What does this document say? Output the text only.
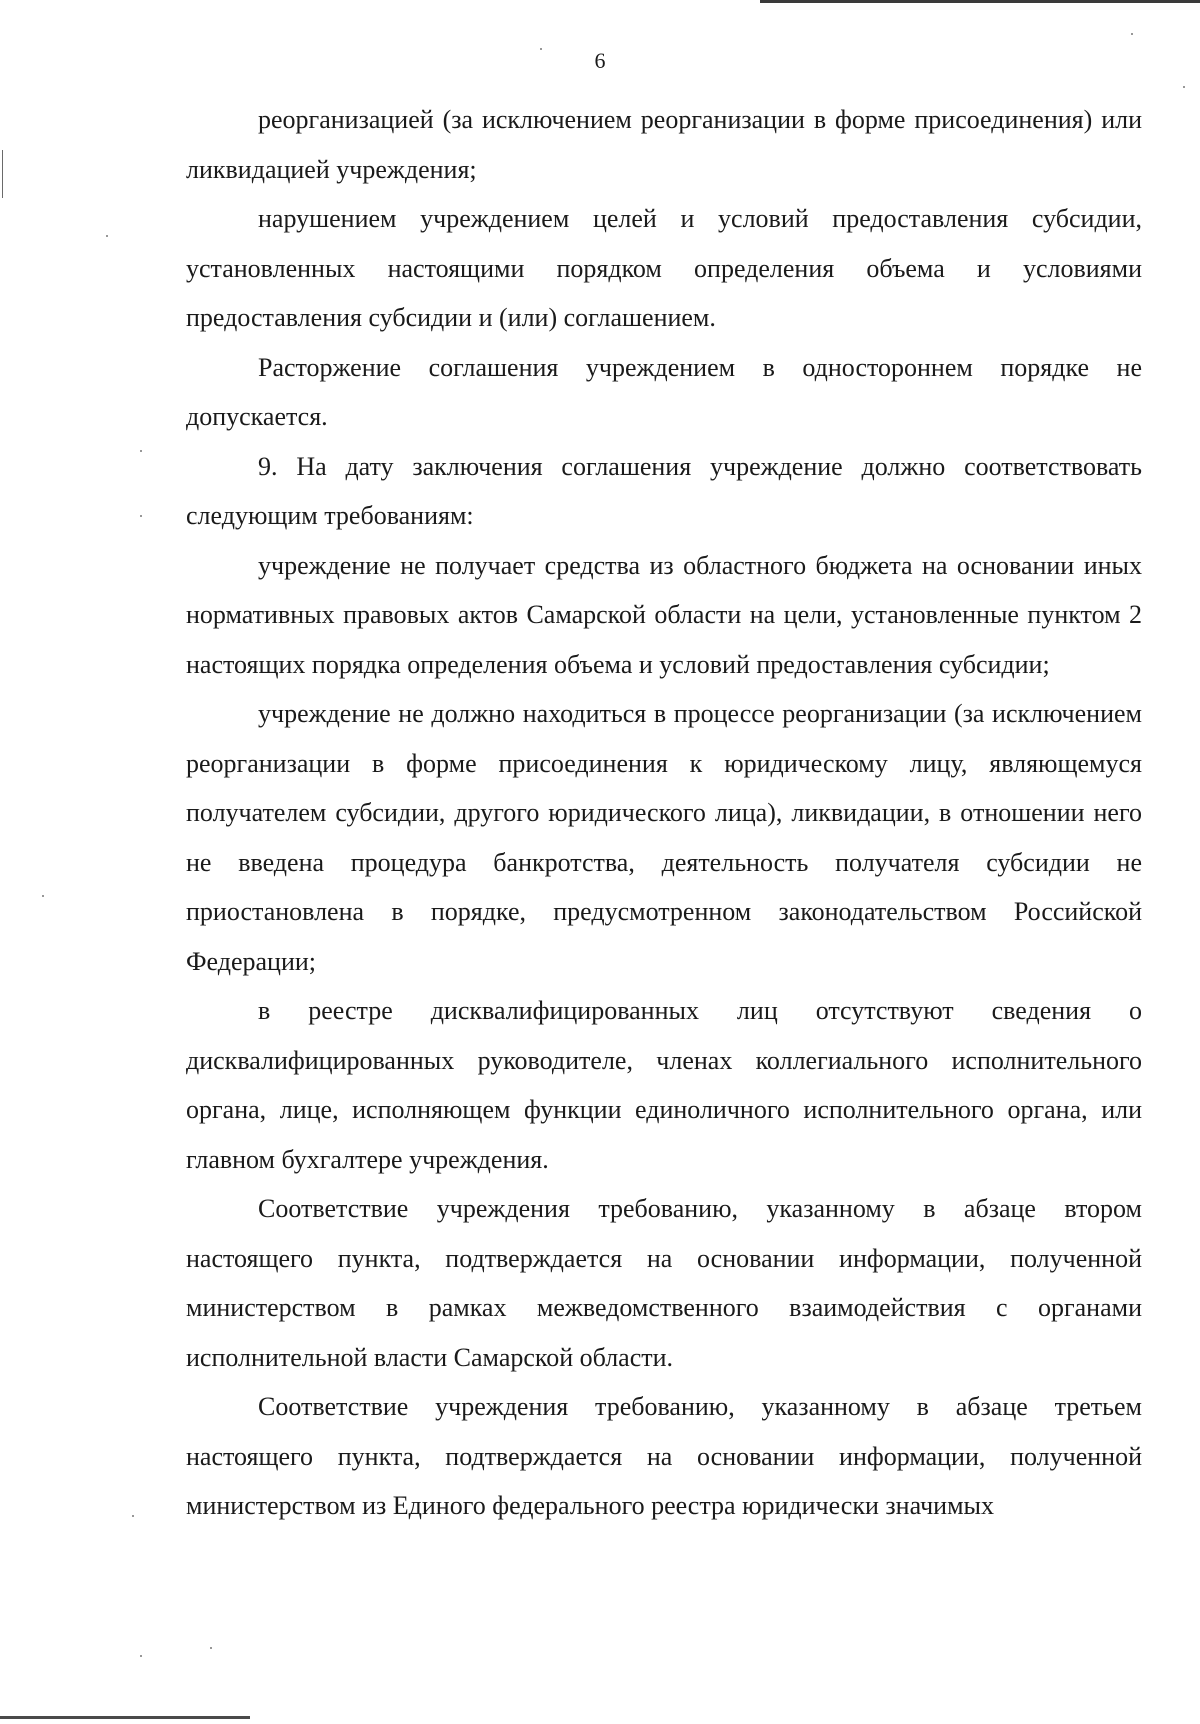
6

реорганизацией (за исключением реорганизации в форме присоединения) или ликвидацией учреждения;

нарушением учреждением целей и условий предоставления субсидии, установленных настоящими порядком определения объема и условиями предоставления субсидии и (или) соглашением.

Расторжение соглашения учреждением в одностороннем порядке не допускается.

9. На дату заключения соглашения учреждение должно соответствовать следующим требованиям:

учреждение не получает средства из областного бюджета на основании иных нормативных правовых актов Самарской области на цели, установленные пунктом 2 настоящих порядка определения объема и условий предоставления субсидии;

учреждение не должно находиться в процессе реорганизации (за исключением реорганизации в форме присоединения к юридическому лицу, являющемуся получателем субсидии, другого юридического лица), ликвидации, в отношении него не введена процедура банкротства, деятельность получателя субсидии не приостановлена в порядке, предусмотренном законодательством Российской Федерации;

в реестре дисквалифицированных лиц отсутствуют сведения о дисквалифицированных руководителе, членах коллегиального исполнительного органа, лице, исполняющем функции единоличного исполнительного органа, или главном бухгалтере учреждения.

Соответствие учреждения требованию, указанному в абзаце втором настоящего пункта, подтверждается на основании информации, полученной министерством в рамках межведомственного взаимодействия с органами исполнительной власти Самарской области.

Соответствие учреждения требованию, указанному в абзаце третьем настоящего пункта, подтверждается на основании информации, полученной министерством из Единого федерального реестра юридически значимых
